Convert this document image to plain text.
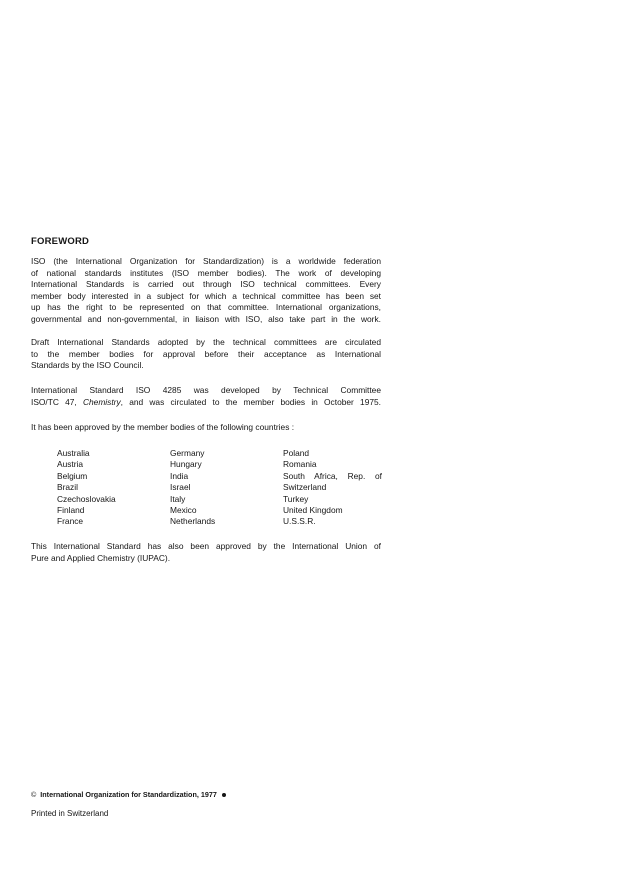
FOREWORD
ISO (the International Organization for Standardization) is a worldwide federation
of national standards institutes (ISO member bodies). The work of developing
International Standards is carried out through ISO technical committees. Every
member body interested in a subject for which a technical committee has been set
up has the right to be represented on that committee. International organizations,
governmental and non-governmental, in liaison with ISO, also take part in the work.
Draft International Standards adopted by the technical committees are circulated
to the member bodies for approval before their acceptance as International
Standards by the ISO Council.
International Standard ISO 4285 was developed by Technical Committee
ISO/TC 47, Chemistry, and was circulated to the member bodies in October 1975.
It has been approved by the member bodies of the following countries :
Australia
Austria
Belgium
Brazil
Czechoslovakia
Finland
France
Germany
Hungary
India
Israel
Italy
Mexico
Netherlands
Poland
Romania
South Africa, Rep. of
Switzerland
Turkey
United Kingdom
U.S.S.R.
This International Standard has also been approved by the International Union of
Pure and Applied Chemistry (IUPAC).
© International Organization for Standardization, 1977
Printed in Switzerland
